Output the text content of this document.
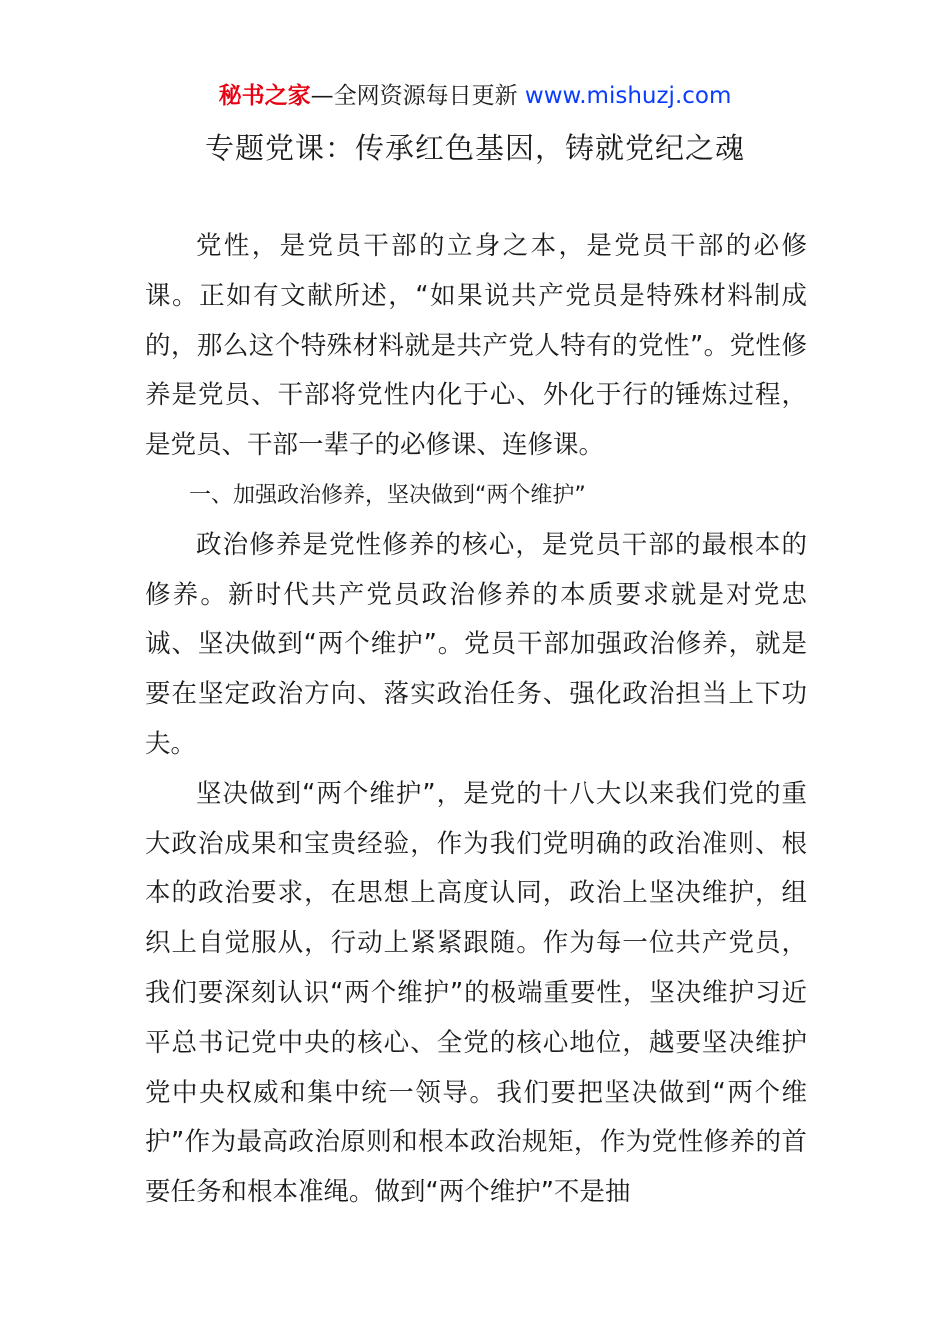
秘书之家—全网资源每日更新 www.mishuzj.com
专题党课：传承红色基因，铸就党纪之魂

党性，是党员干部的立身之本，是党员干部的必修课。正如有文献所述，“如果说共产党员是特殊材料制成的，那么这个特殊材料就是共产党人特有的党性”。党性修养是党员、干部将党性内化于心、外化于行的锤炼过程，是党员、干部一辈子的必修课、连修课。

一、加强政治修养，坚决做到“两个维护”

政治修养是党性修养的核心，是党员干部的最根本的修养。新时代共产党员政治修养的本质要求就是对党忠诚、坚决做到“两个维护”。党员干部加强政治修养，就是要在坚定政治方向、落实政治任务、强化政治担当上下功夫。

坚决做到“两个维护”，是党的十八大以来我们党的重大政治成果和宝贵经验，作为我们党明确的政治准则、根本的政治要求，在思想上高度认同，政治上坚决维护，组织上自觉服从，行动上紧紧跟随。作为每一位共产党员，我们要深刻认识“两个维护”的极端重要性，坚决维护习近平总书记党中央的核心、全党的核心地位，越要坚决维护党中央权威和集中统一领导。我们要把坚决做到“两个维护”作为最高政治原则和根本政治规矩，作为党性修养的首要任务和根本准绳。做到“两个维护”不是抽
